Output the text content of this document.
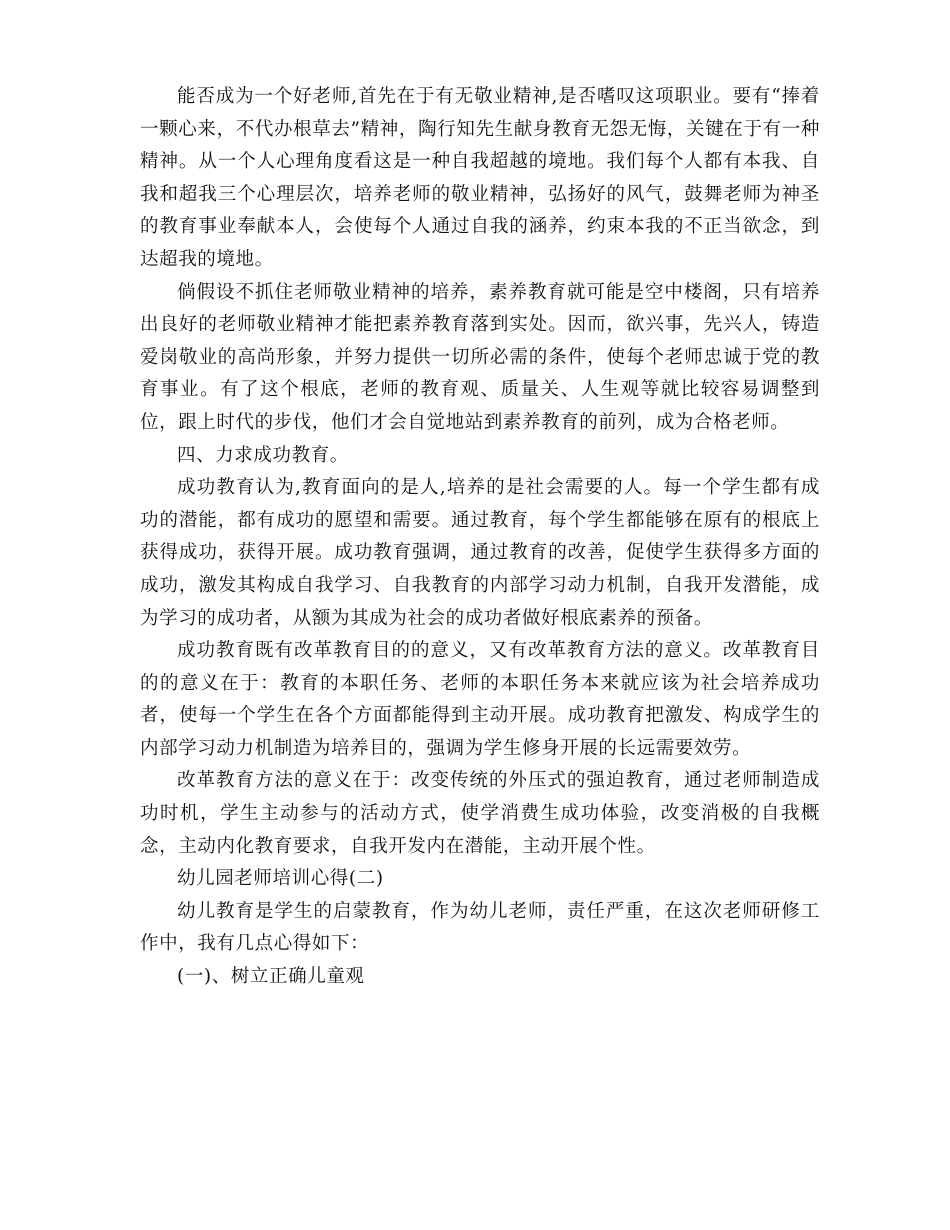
能否成为一个好老师,首先在于有无敬业精神,是否嗜叹这项职业。要有“捧着一颗心来，不代办根草去”精神，陶行知先生献身教育无怨无悔，关键在于有一种精神。从一个人心理角度看这是一种自我超越的境地。我们每个人都有本我、自我和超我三个心理层次，培养老师的敬业精神，弘扬好的风气，鼓舞老师为神圣的教育事业奉献本人，会使每个人通过自我的涵养，约束本我的不正当欲念，到达超我的境地。

倘假设不抓住老师敬业精神的培养，素养教育就可能是空中楼阁，只有培养出良好的老师敬业精神才能把素养教育落到实处。因而，欲兴事，先兴人，铸造爱岗敬业的高尚形象，并努力提供一切所必需的条件，使每个老师忠诚于党的教育事业。有了这个根底，老师的教育观、质量关、人生观等就比较容易调整到位，跟上时代的步伐，他们才会自觉地站到素养教育的前列，成为合格老师。

四、力求成功教育。

成功教育认为,教育面向的是人,培养的是社会需要的人。每一个学生都有成功的潜能，都有成功的愿望和需要。通过教育，每个学生都能够在原有的根底上获得成功，获得开展。成功教育强调，通过教育的改善，促使学生获得多方面的成功，激发其构成自我学习、自我教育的内部学习动力机制，自我开发潜能，成为学习的成功者，从额为其成为社会的成功者做好根底素养的预备。

成功教育既有改革教育目的的意义，又有改革教育方法的意义。改革教育目的的意义在于：教育的本职任务、老师的本职任务本来就应该为社会培养成功者，使每一个学生在各个方面都能得到主动开展。成功教育把激发、构成学生的内部学习动力机制造为培养目的，强调为学生修身开展的长远需要效劳。

改革教育方法的意义在于：改变传统的外压式的强迫教育，通过老师制造成功时机，学生主动参与的活动方式，使学消费生成功体验，改变消极的自我概念，主动内化教育要求，自我开发内在潜能，主动开展个性。

幼儿园老师培训心得(二)

幼儿教育是学生的启蒙教育，作为幼儿老师，责任严重，在这次老师研修工作中，我有几点心得如下：

(一)、树立正确儿童观
